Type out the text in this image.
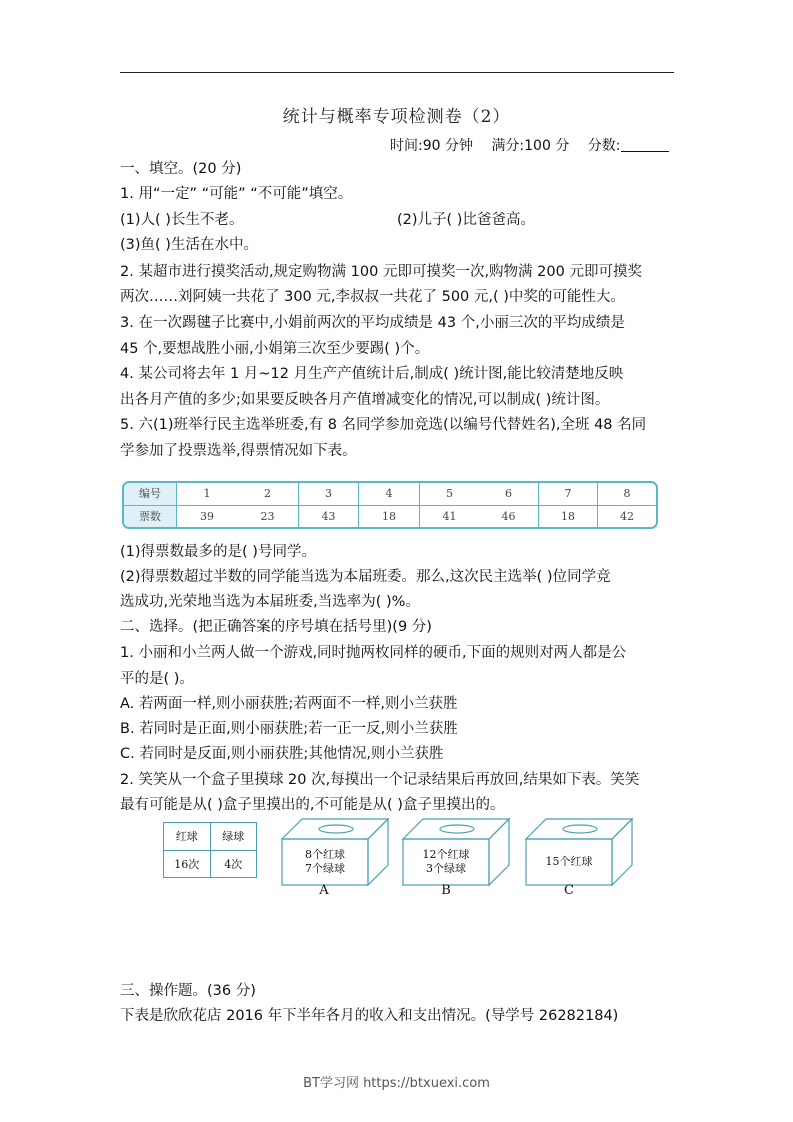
统计与概率专项检测卷（2）
时间:90 分钟 满分:100 分 分数:
一、填空。(20 分)
1. 用“一定” “可能” “不可能”填空。
(1)人( )长生不老。	(2)儿子( )比爸爸高。
(3)鱼( )生活在水中。
2. 某超市进行摸奖活动,规定购物满 100 元即可摸奖一次,购物满 200 元即可摸奖
两次……刘阿姨一共花了 300 元,李叔叔一共花了 500 元,( )中奖的可能性大。
3. 在一次踢毽子比赛中,小娟前两次的平均成绩是 43 个,小丽三次的平均成绩是
45 个,要想战胜小丽,小娟第三次至少要踢( )个。
4. 某公司将去年 1 月~12 月生产产值统计后,制成( )统计图,能比较清楚地反映
出各月产值的多少;如果要反映各月产值增减变化的情况,可以制成( )统计图。
5. 六(1)班举行民主选举班委,有 8 名同学参加竞选(以编号代替姓名),全班 48 名同
学参加了投票选举,得票情况如下表。
编号	1	2	3	4	5	6	7	8
票数	39	23	43	18	41	46	18	42
(1)得票数最多的是( )号同学。
(2)得票数超过半数的同学能当选为本届班委。那么,这次民主选举( )位同学竞
选成功,光荣地当选为本届班委,当选率为( )%。
二、选择。(把正确答案的序号填在括号里)(9 分)
1. 小丽和小兰两人做一个游戏,同时抛两枚同样的硬币,下面的规则对两人都是公
平的是( )。
A. 若两面一样,则小丽获胜;若两面不一样,则小兰获胜
B. 若同时是正面,则小丽获胜;若一正一反,则小兰获胜
C. 若同时是反面,则小丽获胜;其他情况,则小兰获胜
2. 笑笑从一个盒子里摸球 20 次,每摸出一个记录结果后再放回,结果如下表。笑笑
最有可能是从( )盒子里摸出的,不可能是从( )盒子里摸出的。
红球	绿球
16次	4次
8个红球
7个绿球
A
12个红球
3个绿球
B
15个红球
C
三、操作题。(36 分)
下表是欣欣花店 2016 年下半年各月的收入和支出情况。(导学号 26282184)
BT学习网 https://btxuexi.com
